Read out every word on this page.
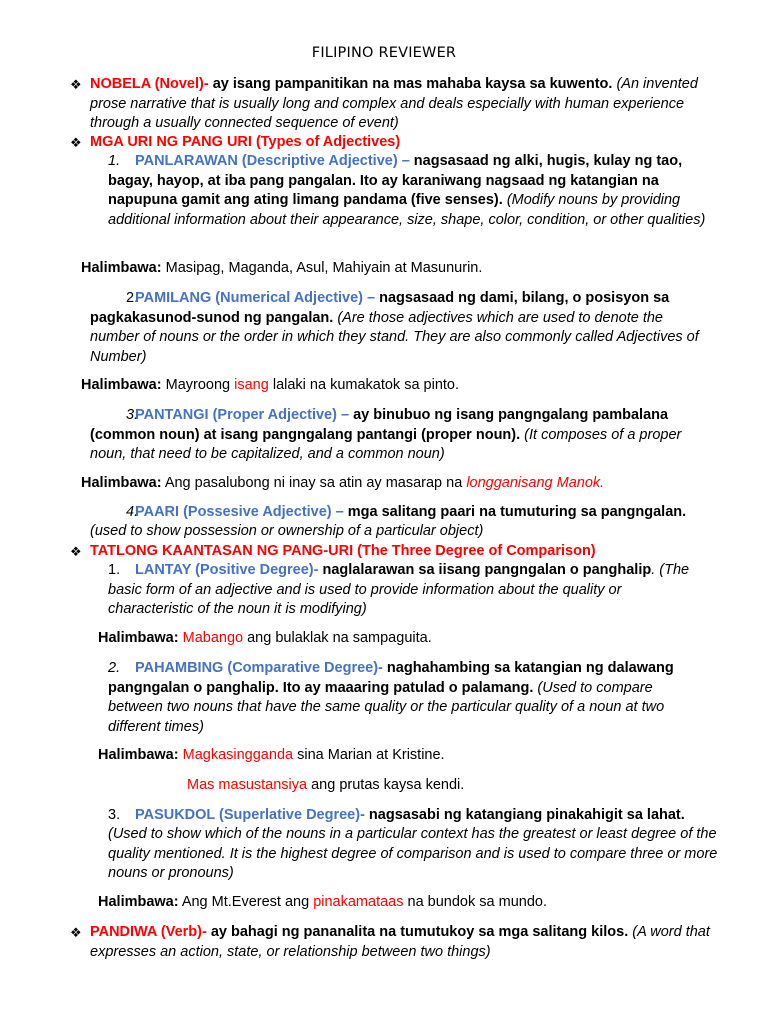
FILIPINO REVIEWER
❖ NOBELA (Novel)- ay isang pampanitikan na mas mahaba kaysa sa kuwento. (An invented prose narrative that is usually long and complex and deals especially with human experience through a usually connected sequence of event)
❖ MGA URI NG PANG URI (Types of Adjectives)
1. PANLARAWAN (Descriptive Adjective) – nagsasaad ng alki, hugis, kulay ng tao, bagay, hayop, at iba pang pangalan. Ito ay karaniwang nagsaad ng katangian na napupuna gamit ang ating limang pandama (five senses). (Modify nouns by providing additional information about their appearance, size, shape, color, condition, or other qualities)
Halimbawa: Masipag, Maganda, Asul, Mahiyain at Masunurin.
2.PAMILANG (Numerical Adjective) – nagsasaad ng dami, bilang, o posisyon sa pagkakasunod-sunod ng pangalan. (Are those adjectives which are used to denote the number of nouns or the order in which they stand. They are also commonly called Adjectives of Number)
Halimbawa: Mayroong isang lalaki na kumakatok sa pinto.
3.PANTANGI (Proper Adjective) – ay binubuo ng isang pangngalang pambalana (common noun) at isang pangngalang pantangi (proper noun). (It composes of a proper noun, that need to be capitalized, and a common noun)
Halimbawa: Ang pasalubong ni inay sa atin ay masarap na longganisang Manok.
4.PAARI (Possesive Adjective) – mga salitang paari na tumuturing sa pangngalan.
(used to show possession or ownership of a particular object)
❖ TATLONG KAANTASAN NG PANG-URI (The Three Degree of Comparison)
1. LANTAY (Positive Degree)- naglalarawan sa iisang pangngalan o panghalip. (The basic form of an adjective and is used to provide information about the quality or characteristic of the noun it is modifying)
Halimbawa: Mabango ang bulaklak na sampaguita.
2. PAHAMBING (Comparative Degree)- naghahambing sa katangian ng dalawang pangngalan o panghalip. Ito ay maaaring patulad o palamang. (Used to compare between two nouns that have the same quality or the particular quality of a noun at two different times)
Halimbawa: Magkasingganda sina Marian at Kristine.
Mas masustansiya ang prutas kaysa kendi.
3. PASUKDOL (Superlative Degree)- nagsasabi ng katangiang pinakahigit sa lahat.
(Used to show which of the nouns in a particular context has the greatest or least degree of the quality mentioned. It is the highest degree of comparison and is used to compare three or more nouns or pronouns)
Halimbawa: Ang Mt.Everest ang pinakamataas na bundok sa mundo.
❖ PANDIWA (Verb)- ay bahagi ng pananalita na tumutukoy sa mga salitang kilos. (A word that expresses an action, state, or relationship between two things)
